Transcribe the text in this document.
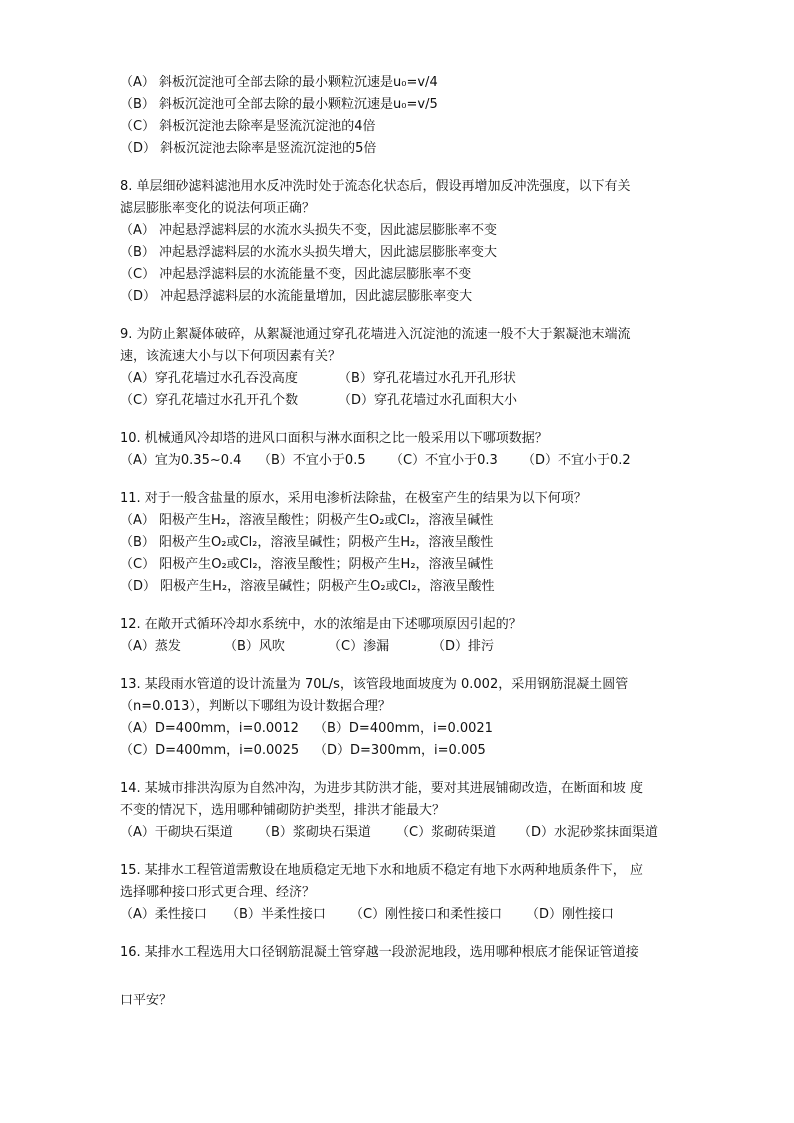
（A） 斜板沉淀池可全部去除的最小颗粒沉速是u₀=v/4
（B） 斜板沉淀池可全部去除的最小颗粒沉速是u₀=v/5
（C） 斜板沉淀池去除率是竖流沉淀池的4倍
（D） 斜板沉淀池去除率是竖流沉淀池的5倍
8. 单层细砂滤料滤池用水反冲洗时处于流态化状态后，假设再增加反冲洗强度，以下有关
滤层膨胀率变化的说法何项正确？
（A） 冲起悬浮滤料层的水流水头损失不变，因此滤层膨胀率不变
（B） 冲起悬浮滤料层的水流水头损失增大，因此滤层膨胀率变大
（C） 冲起悬浮滤料层的水流能量不变，因此滤层膨胀率不变
（D） 冲起悬浮滤料层的水流能量增加，因此滤层膨胀率变大
9. 为防止絮凝体破碎，从絮凝池通过穿孔花墙进入沉淀池的流速一般不大于絮凝池末端流
速，该流速大小与以下何项因素有关？
（A）穿孔花墙过水孔吞没高度	（B）穿孔花墙过水孔开孔形状
（C）穿孔花墙过水孔开孔个数	（D）穿孔花墙过水孔面积大小
10. 机械通风冷却塔的进风口面积与淋水面积之比一般采用以下哪项数据？
（A）宜为0.35~0.4	（B）不宜小于0.5	（C）不宜小于0.3	（D）不宜小于0.2
11. 对于一般含盐量的原水，采用电渗析法除盐，在极室产生的结果为以下何项？
（A） 阳极产生H₂，溶液呈酸性；阴极产生O₂或Cl₂，溶液呈碱性
（B） 阳极产生O₂或Cl₂，溶液呈碱性；阴极产生H₂，溶液呈酸性
（C） 阳极产生O₂或Cl₂，溶液呈酸性；阴极产生H₂，溶液呈碱性
（D） 阳极产生H₂，溶液呈碱性；阴极产生O₂或Cl₂，溶液呈酸性
12. 在敞开式循环冷却水系统中，水的浓缩是由下述哪项原因引起的？
（A）蒸发	（B）风吹	（C）渗漏	（D）排污
13. 某段雨水管道的设计流量为 70L/s，该管段地面坡度为 0.002，采用钢筋混凝土圆管
（n=0.013），判断以下哪组为设计数据合理？
（A）D=400mm，i=0.0012	（B）D=400mm，i=0.0021
（C）D=400mm，i=0.0025	（D）D=300mm，i=0.005
14. 某城市排洪沟原为自然冲沟，为进步其防洪才能，要对其进展铺砌改造，在断面和坡 度
不变的情况下，选用哪种铺砌防护类型，排洪才能最大？
（A）干砌块石渠道	（B）浆砌块石渠道	（C）浆砌砖渠道	（D）水泥砂浆抹面渠道
15. 某排水工程管道需敷设在地质稳定无地下水和地质不稳定有地下水两种地质条件下， 应
选择哪种接口形式更合理、经济？
（A）柔性接口	（B）半柔性接口	（C）刚性接口和柔性接口	（D）刚性接口
16. 某排水工程选用大口径钢筋混凝土管穿越一段淤泥地段，选用哪种根底才能保证管道接
口平安？
